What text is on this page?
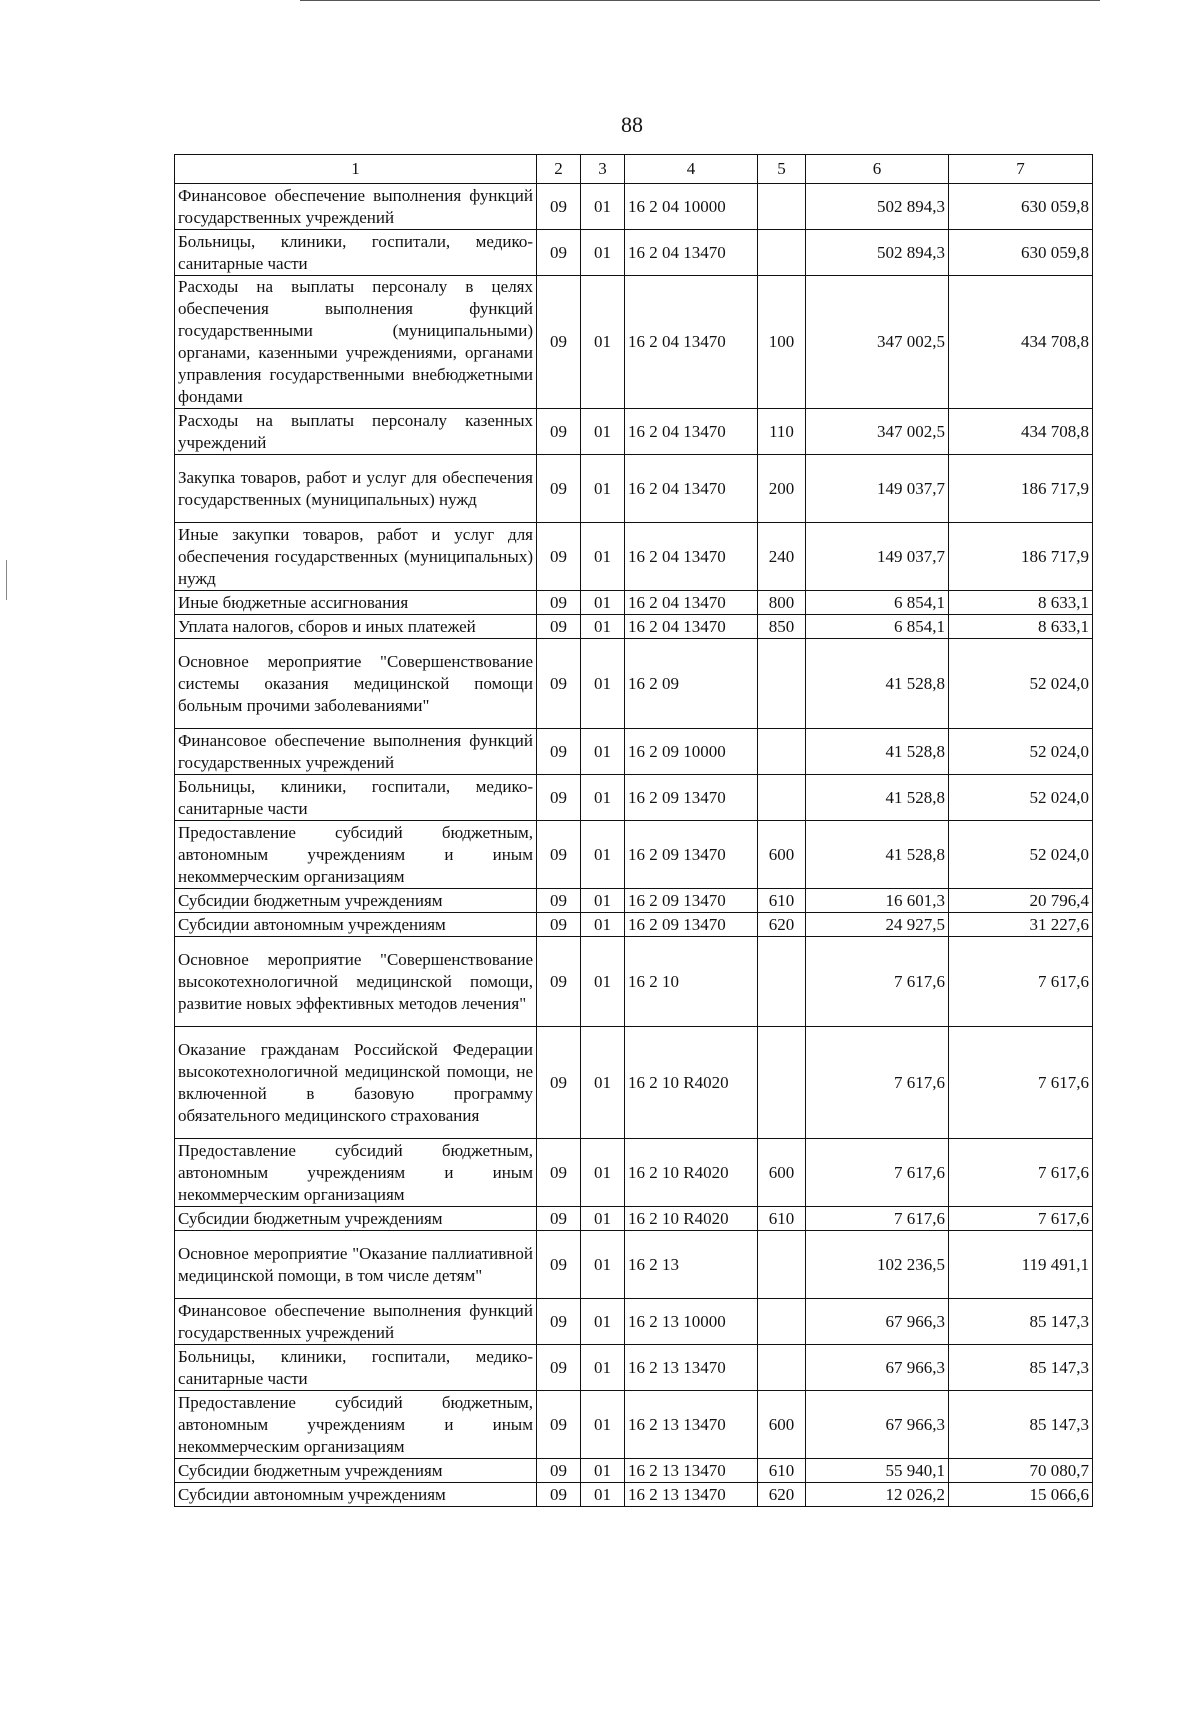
88
1	2	3	4	5	6	7
Финансовое обеспечение выполнения функций государственных учреждений	09	01	16 2 04 10000		502 894,3	630 059,8
Больницы, клиники, госпитали, медико-санитарные части	09	01	16 2 04 13470		502 894,3	630 059,8
Расходы на выплаты персоналу в целях обеспечения выполнения функций государственными (муниципальными) органами, казенными учреждениями, органами управления государственными внебюджетными фондами	09	01	16 2 04 13470	100	347 002,5	434 708,8
Расходы на выплаты персоналу казенных учреждений	09	01	16 2 04 13470	110	347 002,5	434 708,8
Закупка товаров, работ и услуг для обеспечения государственных (муниципальных) нужд	09	01	16 2 04 13470	200	149 037,7	186 717,9
Иные закупки товаров, работ и услуг для обеспечения государственных (муниципальных) нужд	09	01	16 2 04 13470	240	149 037,7	186 717,9
Иные бюджетные ассигнования	09	01	16 2 04 13470	800	6 854,1	8 633,1
Уплата налогов, сборов и иных платежей	09	01	16 2 04 13470	850	6 854,1	8 633,1
Основное мероприятие "Совершенствование системы оказания медицинской помощи больным прочими заболеваниями"	09	01	16 2 09		41 528,8	52 024,0
Финансовое обеспечение выполнения функций государственных учреждений	09	01	16 2 09 10000		41 528,8	52 024,0
Больницы, клиники, госпитали, медико-санитарные части	09	01	16 2 09 13470		41 528,8	52 024,0
Предоставление субсидий бюджетным, автономным учреждениям и иным некоммерческим организациям	09	01	16 2 09 13470	600	41 528,8	52 024,0
Субсидии бюджетным учреждениям	09	01	16 2 09 13470	610	16 601,3	20 796,4
Субсидии автономным учреждениям	09	01	16 2 09 13470	620	24 927,5	31 227,6
Основное мероприятие "Совершенствование высокотехнологичной медицинской помощи, развитие новых эффективных методов лечения"	09	01	16 2 10		7 617,6	7 617,6
Оказание гражданам Российской Федерации высокотехнологичной медицинской помощи, не включенной в базовую программу обязательного медицинского страхования	09	01	16 2 10 R4020		7 617,6	7 617,6
Предоставление субсидий бюджетным, автономным учреждениям и иным некоммерческим организациям	09	01	16 2 10 R4020	600	7 617,6	7 617,6
Субсидии бюджетным учреждениям	09	01	16 2 10 R4020	610	7 617,6	7 617,6
Основное мероприятие "Оказание паллиативной медицинской помощи, в том числе детям"	09	01	16 2 13		102 236,5	119 491,1
Финансовое обеспечение выполнения функций государственных учреждений	09	01	16 2 13 10000		67 966,3	85 147,3
Больницы, клиники, госпитали, медико-санитарные части	09	01	16 2 13 13470		67 966,3	85 147,3
Предоставление субсидий бюджетным, автономным учреждениям и иным некоммерческим организациям	09	01	16 2 13 13470	600	67 966,3	85 147,3
Субсидии бюджетным учреждениям	09	01	16 2 13 13470	610	55 940,1	70 080,7
Субсидии автономным учреждениям	09	01	16 2 13 13470	620	12 026,2	15 066,6
